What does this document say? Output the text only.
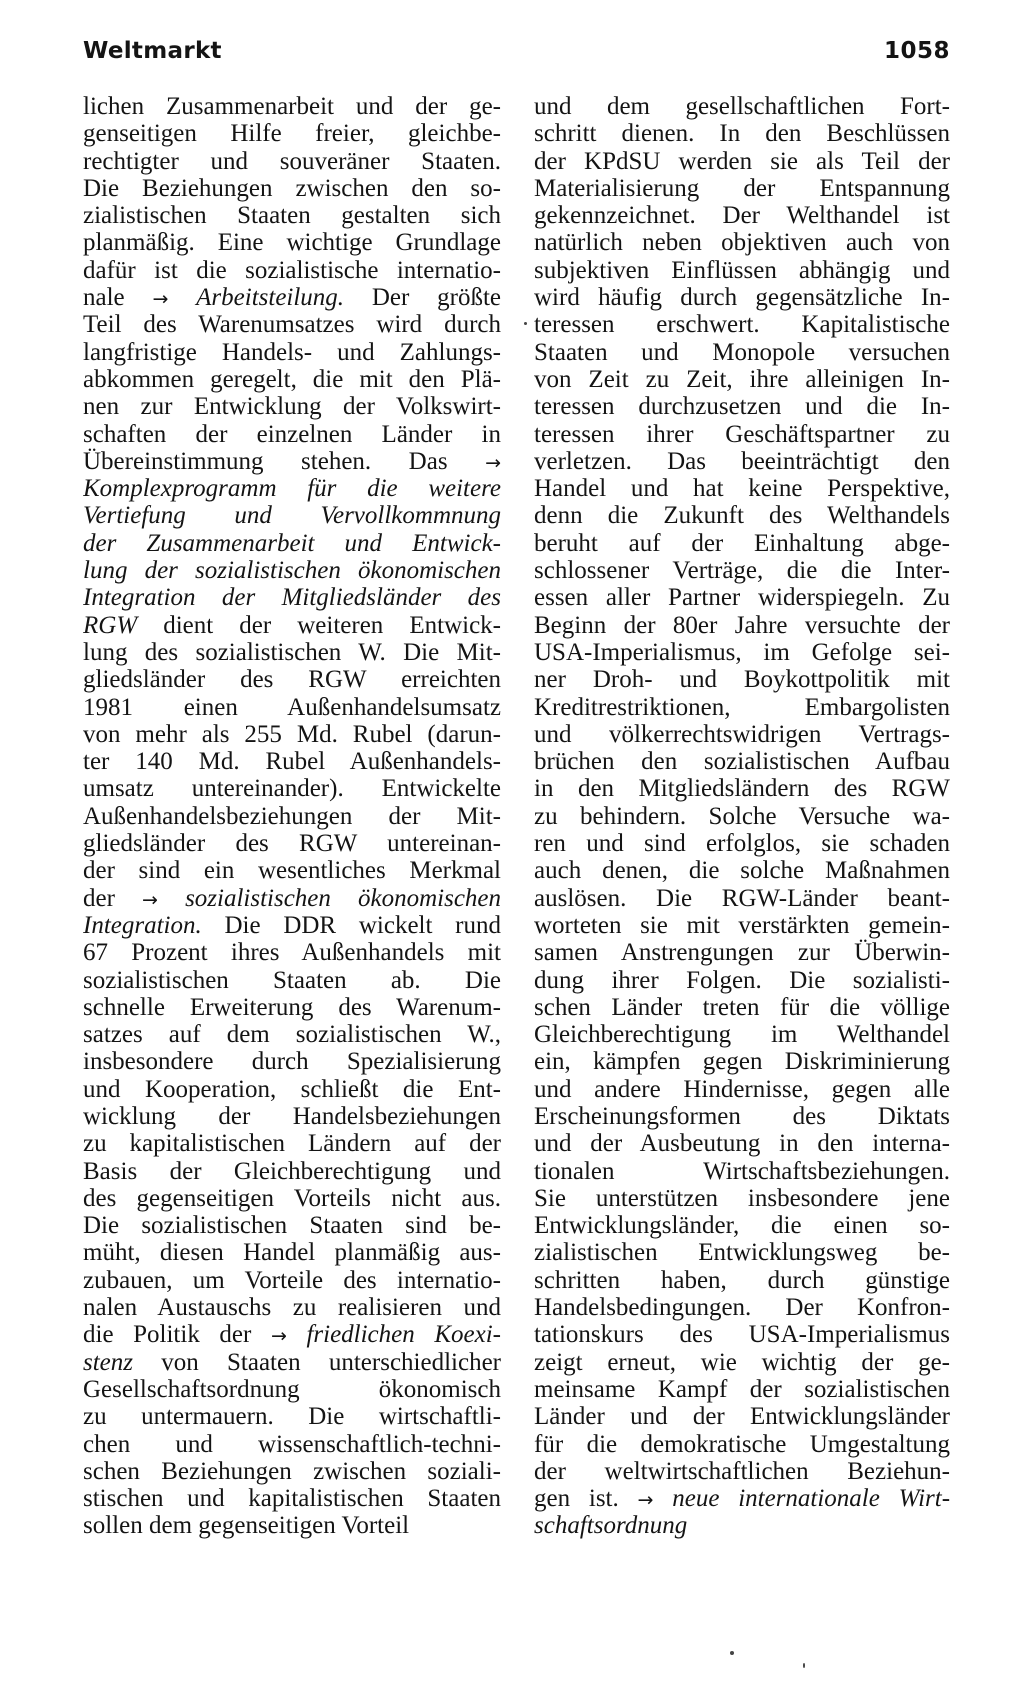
Weltmarkt	1058
lichen Zusammenarbeit und der ge-
genseitigen Hilfe freier, gleichbe-
rechtigter und souveräner Staaten.
Die Beziehungen zwischen den so-
zialistischen Staaten gestalten sich
planmäßig. Eine wichtige Grundlage
dafür ist die sozialistische internatio-
nale → Arbeitsteilung. Der größte
Teil des Warenumsatzes wird durch
langfristige Handels- und Zahlungs-
abkommen geregelt, die mit den Plä-
nen zur Entwicklung der Volkswirt-
schaften der einzelnen Länder in
Übereinstimmung stehen. Das →
Komplexprogramm für die weitere
Vertiefung und Vervollkommnung
der Zusammenarbeit und Entwick-
lung der sozialistischen ökonomischen
Integration der Mitgliedsländer des
RGW dient der weiteren Entwick-
lung des sozialistischen W. Die Mit-
gliedsländer des RGW erreichten
1981 einen Außenhandelsumsatz
von mehr als 255 Md. Rubel (darun-
ter 140 Md. Rubel Außenhandels-
umsatz untereinander). Entwickelte
Außenhandelsbeziehungen der Mit-
gliedsländer des RGW untereinan-
der sind ein wesentliches Merkmal
der → sozialistischen ökonomischen
Integration. Die DDR wickelt rund
67 Prozent ihres Außenhandels mit
sozialistischen Staaten ab. Die
schnelle Erweiterung des Warenum-
satzes auf dem sozialistischen W.,
insbesondere durch Spezialisierung
und Kooperation, schließt die Ent-
wicklung der Handelsbeziehungen
zu kapitalistischen Ländern auf der
Basis der Gleichberechtigung und
des gegenseitigen Vorteils nicht aus.
Die sozialistischen Staaten sind be-
müht, diesen Handel planmäßig aus-
zubauen, um Vorteile des internatio-
nalen Austauschs zu realisieren und
die Politik der → friedlichen Koexi-
stenz von Staaten unterschiedlicher
Gesellschaftsordnung ökonomisch
zu untermauern. Die wirtschaftli-
chen und wissenschaftlich-techni-
schen Beziehungen zwischen soziali-
stischen und kapitalistischen Staaten
sollen dem gegenseitigen Vorteil
und dem gesellschaftlichen Fort-
schritt dienen. In den Beschlüssen
der KPdSU werden sie als Teil der
Materialisierung der Entspannung
gekennzeichnet. Der Welthandel ist
natürlich neben objektiven auch von
subjektiven Einflüssen abhängig und
wird häufig durch gegensätzliche In-
teressen erschwert. Kapitalistische
Staaten und Monopole versuchen
von Zeit zu Zeit, ihre alleinigen In-
teressen durchzusetzen und die In-
teressen ihrer Geschäftspartner zu
verletzen. Das beeinträchtigt den
Handel und hat keine Perspektive,
denn die Zukunft des Welthandels
beruht auf der Einhaltung abge-
schlossener Verträge, die die Inter-
essen aller Partner widerspiegeln. Zu
Beginn der 80er Jahre versuchte der
USA-Imperialismus, im Gefolge sei-
ner Droh- und Boykottpolitik mit
Kreditrestriktionen, Embargolisten
und völkerrechtswidrigen Vertrags-
brüchen den sozialistischen Aufbau
in den Mitgliedsländern des RGW
zu behindern. Solche Versuche wa-
ren und sind erfolglos, sie schaden
auch denen, die solche Maßnahmen
auslösen. Die RGW-Länder beant-
worteten sie mit verstärkten gemein-
samen Anstrengungen zur Überwin-
dung ihrer Folgen. Die sozialisti-
schen Länder treten für die völlige
Gleichberechtigung im Welthandel
ein, kämpfen gegen Diskriminierung
und andere Hindernisse, gegen alle
Erscheinungsformen des Diktats
und der Ausbeutung in den interna-
tionalen Wirtschaftsbeziehungen.
Sie unterstützen insbesondere jene
Entwicklungsländer, die einen so-
zialistischen Entwicklungsweg be-
schritten haben, durch günstige
Handelsbedingungen. Der Konfron-
tationskurs des USA-Imperialismus
zeigt erneut, wie wichtig der ge-
meinsame Kampf der sozialistischen
Länder und der Entwicklungsländer
für die demokratische Umgestaltung
der weltwirtschaftlichen Beziehun-
gen ist. → neue internationale Wirt-
schaftsordnung
